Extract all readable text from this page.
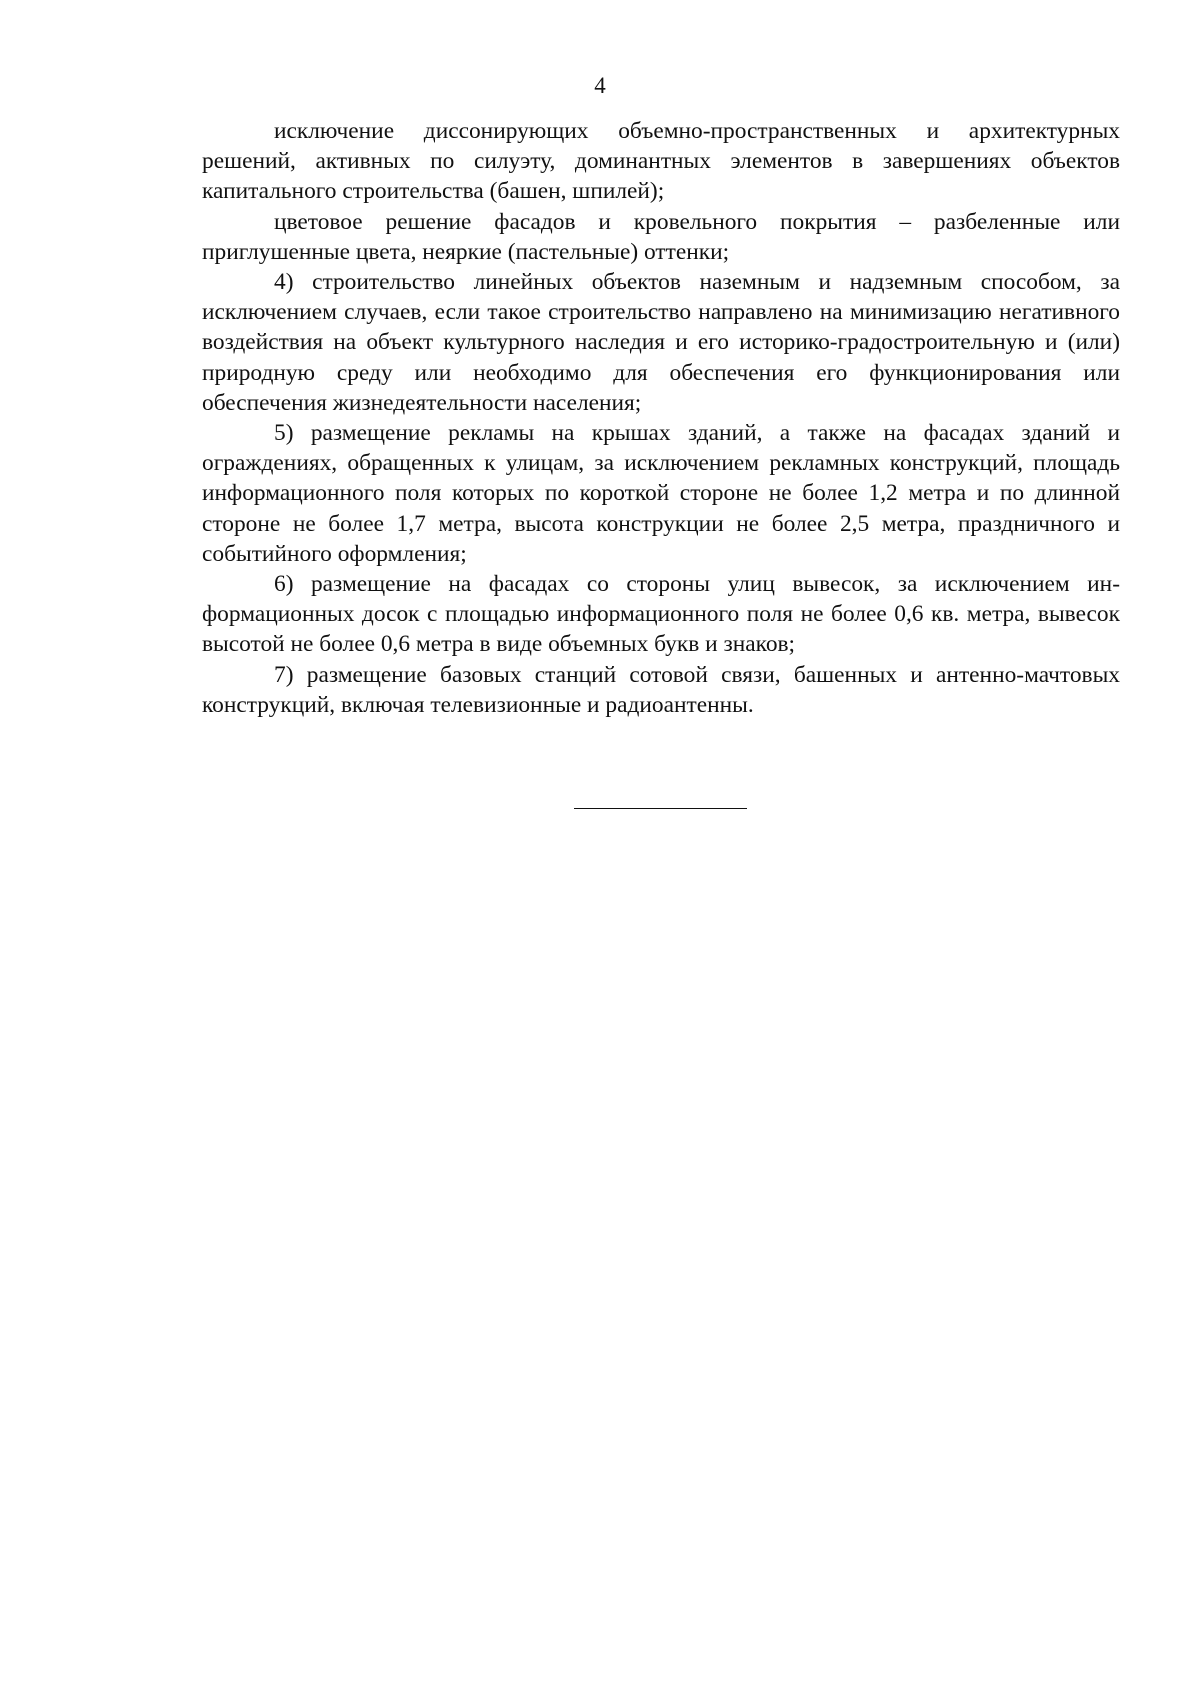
4

исключение диссонирующих объемно-пространственных и архитектурных решений, активных по силуэту, доминантных элементов в завершениях объектов капитального строительства (башен, шпилей);

цветовое решение фасадов и кровельного покрытия – разбеленные или приглушенные цвета, неяркие (пастельные) оттенки;

4) строительство линейных объектов наземным и надземным способом, за исключением случаев, если такое строительство направлено на минимизацию негативного воздействия на объект культурного наследия и его историко-градостроительную и (или) природную среду или необходимо для обеспечения его функционирования или обеспечения жизнедеятельности населения;

5) размещение рекламы на крышах зданий, а также на фасадах зданий и ограждениях, обращенных к улицам, за исключением рекламных конструкций, площадь информационного поля которых по короткой стороне не более 1,2 метра и по длинной стороне не более 1,7 метра, высота конструкции не более 2,5 метра, праздничного и событийного оформления;

6) размещение на фасадах со стороны улиц вывесок, за исключением информационных досок с площадью информационного поля не более 0,6 кв. метра, вывесок высотой не более 0,6 метра в виде объемных букв и знаков;

7) размещение базовых станций сотовой связи, башенных и антенно-мачтовых конструкций, включая телевизионные и радиоантенны.
